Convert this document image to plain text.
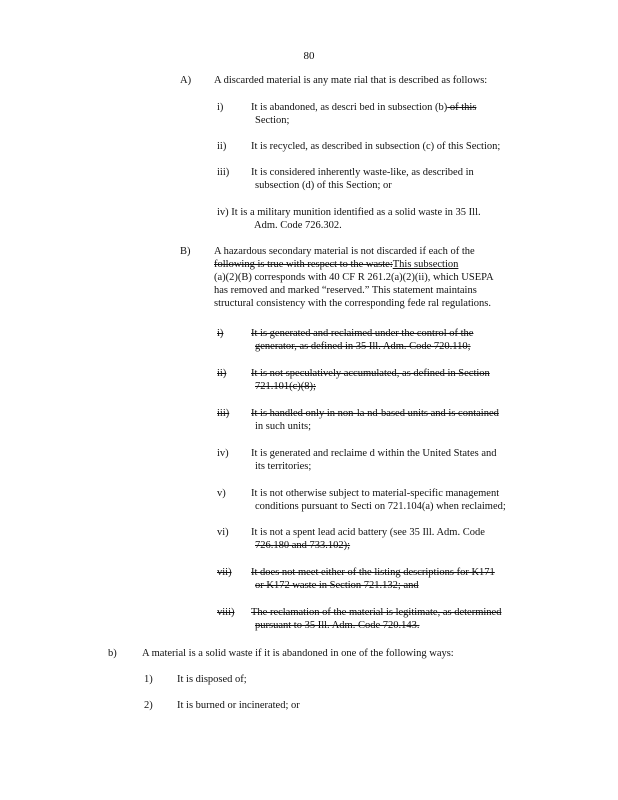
80
A) A discarded material is any mate rial that is described as follows:
i)	It is abandoned, as descri bed in subsection (b) of this
Section;
ii) It is recycled, as described in subsection (c) of this Section;
iii) It is considered inherently waste-like, as described in
subsection (d) of this Section; or
iv) It is a military munition identified as a solid waste in 35 Ill.
Adm. Code 726.302.
B) A hazardous secondary material is not discarded if each of the
following is true with respect to the waste:This subsection
(a)(2)(B) corresponds with 40 CF R 261.2(a)(2)(ii), which USEPA
has removed and marked “reserved.” This statement maintains
structural consistency with the corresponding fede ral regulations.
i)	It is generated and reclaimed under the control of the
generator, as defined in 35 Ill. Adm. Code 720.110;
ii) It is not speculatively accumulated, as defined in Section
721.101(c)(8);
iii) It is handled only in non-la nd-based units and is contained
in such units;
iv) It is generated and reclaime d within the United States and
its territories;
v) It is not otherwise subject to material-specific management
conditions pursuant to Secti on 721.104(a) when reclaimed;
vi) It is not a spent lead acid battery (see 35 Ill. Adm. Code
726.180 and 733.102);
vii) It does not meet either of the listing descriptions for K171
or K172 waste in Section 721.132; and
viii) The reclamation of the material is legitimate, as determined
pursuant to 35 Ill. Adm. Code 720.143.
b) A material is a solid waste if it is abandoned in one of the following ways:
1) It is disposed of;
2) It is burned or incinerated; or
